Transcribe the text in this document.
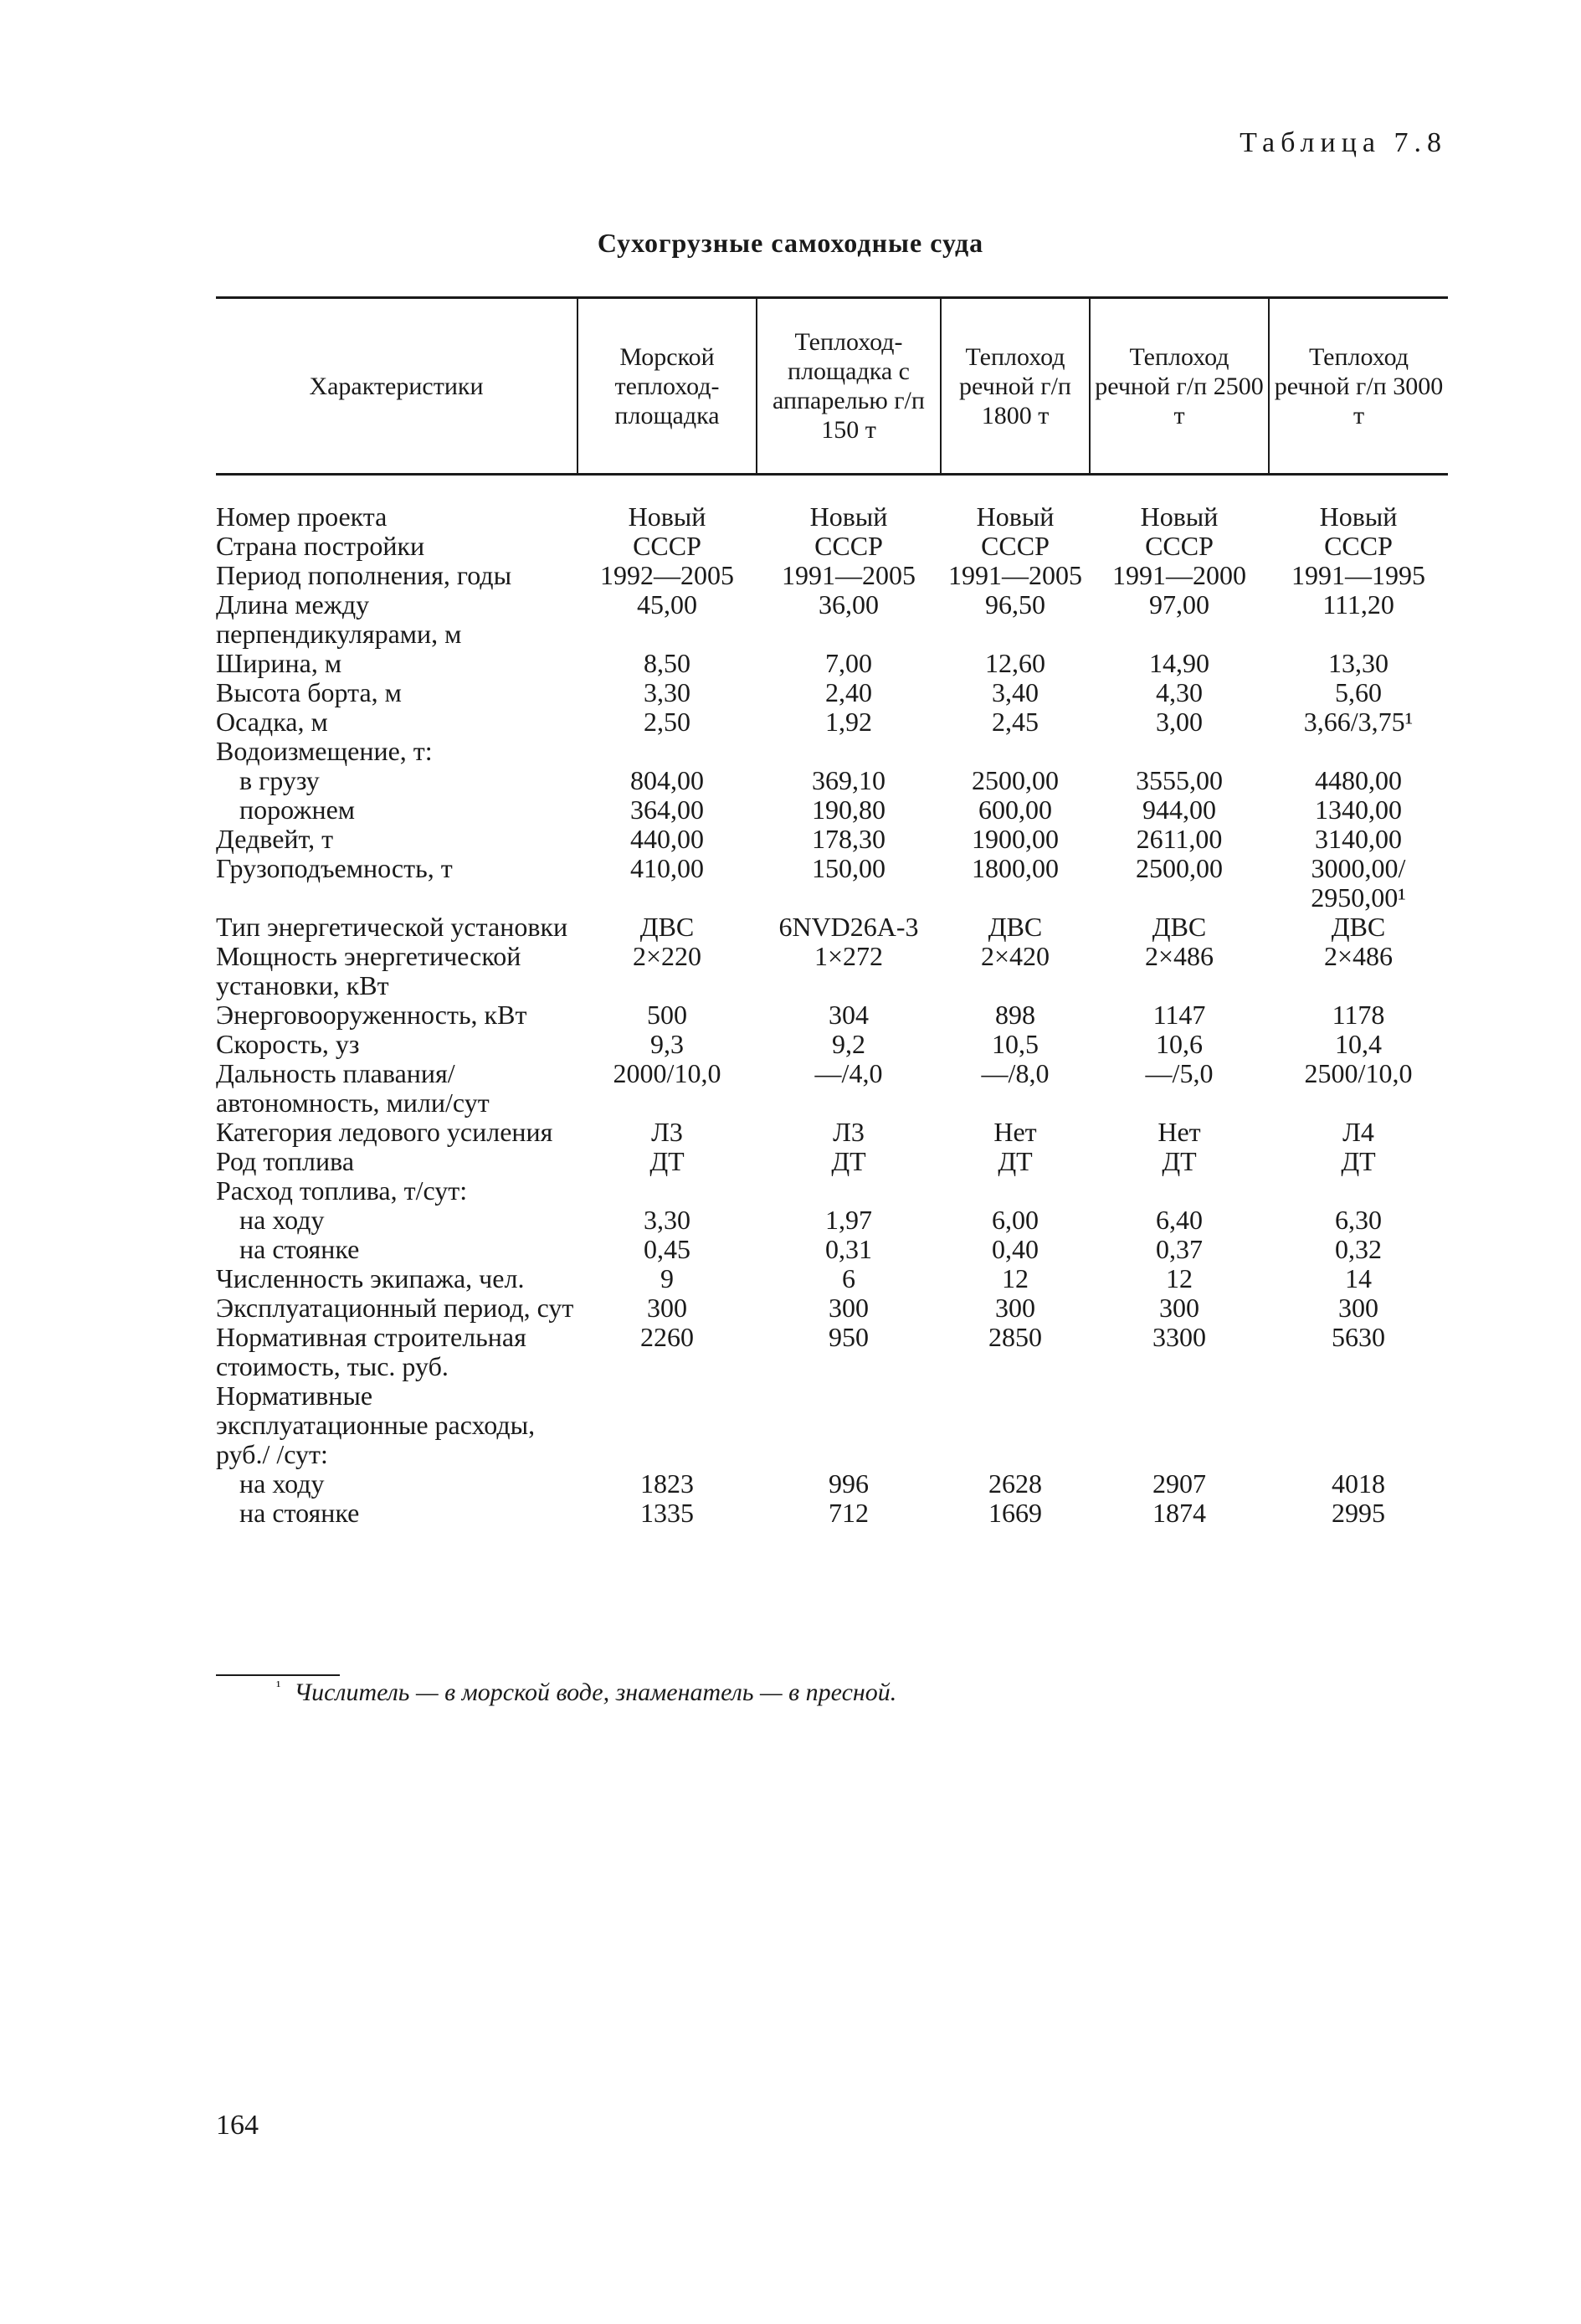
Таблица 7.8
Сухогрузные самоходные суда
Характеристики	Морской теплоход-площадка	Теплоход-площадка с аппарелью г/п 150 т	Теплоход речной г/п 1800 т	Теплоход речной г/п 2500 т	Теплоход речной г/п 3000 т
Номер проекта	Новый	Новый	Новый	Новый	Новый
Страна постройки	СССР	СССР	СССР	СССР	СССР
Период пополнения, годы	1992—2005	1991—2005	1991—2005	1991—2000	1991—1995
Длина между перпендикулярами, м	45,00	36,00	96,50	97,00	111,20
Ширина, м	8,50	7,00	12,60	14,90	13,30
Высота борта, м	3,30	2,40	3,40	4,30	5,60
Осадка, м	2,50	1,92	2,45	3,00	3,66/3,75¹
Водоизмещение, т:					
в грузу	804,00	369,10	2500,00	3555,00	4480,00
порожнем	364,00	190,80	600,00	944,00	1340,00
Дедвейт, т	440,00	178,30	1900,00	2611,00	3140,00
Грузоподъемность, т	410,00	150,00	1800,00	2500,00	3000,00/ 2950,00¹
Тип энергетической установки	ДВС	6NVD26A-3	ДВС	ДВС	ДВС
Мощность энергетической установки, кВт	2×220	1×272	2×420	2×486	2×486
Энерговооруженность, кВт	500	304	898	1147	1178
Скорость, уз	9,3	9,2	10,5	10,6	10,4
Дальность плавания/автономность, мили/сут	2000/10,0	—/4,0	—/8,0	—/5,0	2500/10,0
Категория ледового усиления	Л3	Л3	Нет	Нет	Л4
Род топлива	ДТ	ДТ	ДТ	ДТ	ДТ
Расход топлива, т/сут:					
на ходу	3,30	1,97	6,00	6,40	6,30
на стоянке	0,45	0,31	0,40	0,37	0,32
Численность экипажа, чел.	9	6	12	12	14
Эксплуатационный период, сут	300	300	300	300	300
Нормативная строительная стоимость, тыс. руб.	2260	950	2850	3300	5630
Нормативные эксплуатационные расходы, руб./ /сут:					
на ходу	1823	996	2628	2907	4018
на стоянке	1335	712	1669	1874	2995
$^{^1}$ Числитель — в морской воде, знаменатель — в пресной.
164
